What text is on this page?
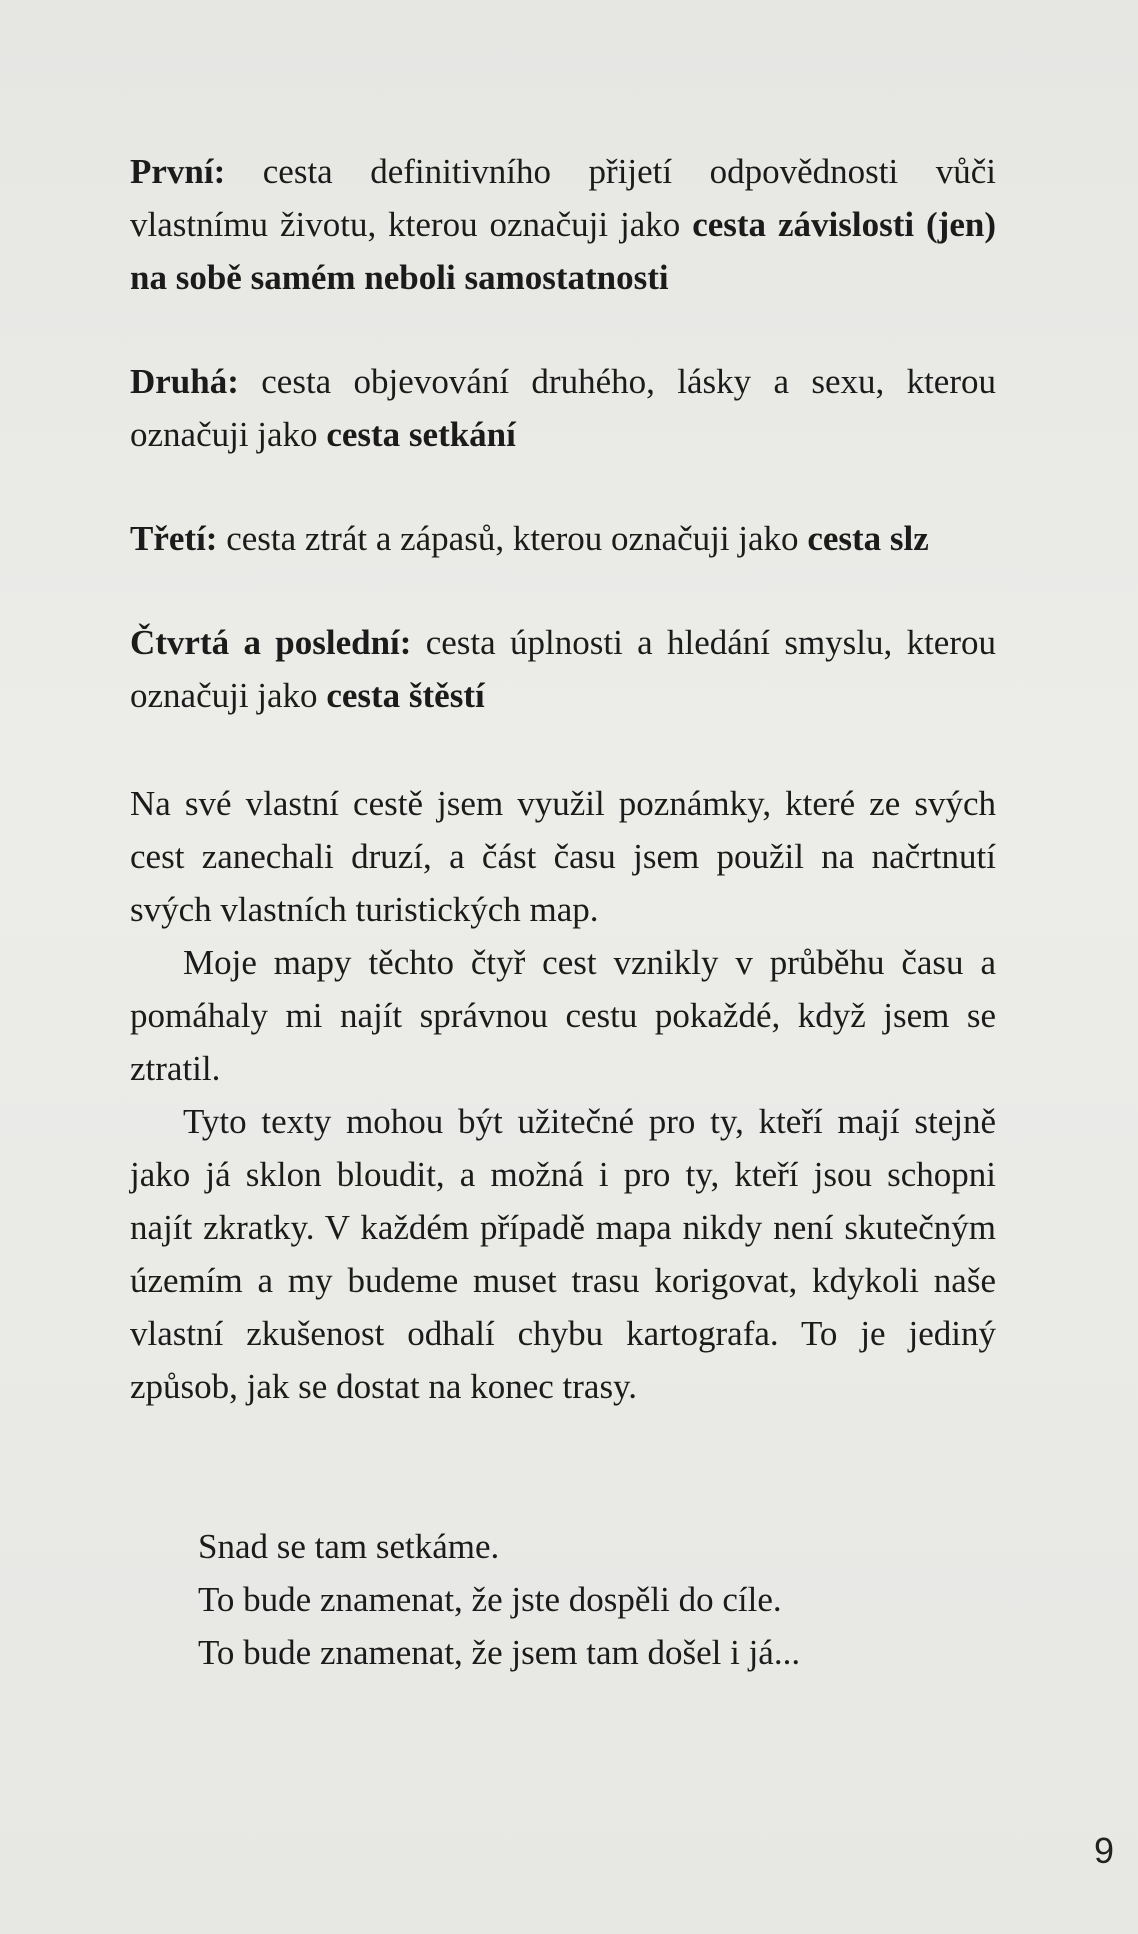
První: cesta definitivního přijetí odpovědnosti vůči vlastnímu životu, kterou označuji jako cesta závislosti (jen) na sobě samém neboli samostatnosti

Druhá: cesta objevování druhého, lásky a sexu, kterou označuji jako cesta setkání

Třetí: cesta ztrát a zápasů, kterou označuji jako cesta slz

Čtvrtá a poslední: cesta úplnosti a hledání smyslu, kterou označuji jako cesta štěstí

Na své vlastní cestě jsem využil poznámky, které ze svých cest zanechali druzí, a část času jsem použil na načrtnutí svých vlastních turistických map.

Moje mapy těchto čtyř cest vznikly v průběhu času a pomáhaly mi najít správnou cestu pokaždé, když jsem se ztratil.

Tyto texty mohou být užitečné pro ty, kteří mají stejně jako já sklon bloudit, a možná i pro ty, kteří jsou schopni najít zkratky. V každém případě mapa nikdy není skutečným územím a my budeme muset trasu korigovat, kdykoli naše vlastní zkušenost odhalí chybu kartografa. To je jediný způsob, jak se dostat na konec trasy.

Snad se tam setkáme.
To bude znamenat, že jste dospěli do cíle.
To bude znamenat, že jsem tam došel i já...
9
